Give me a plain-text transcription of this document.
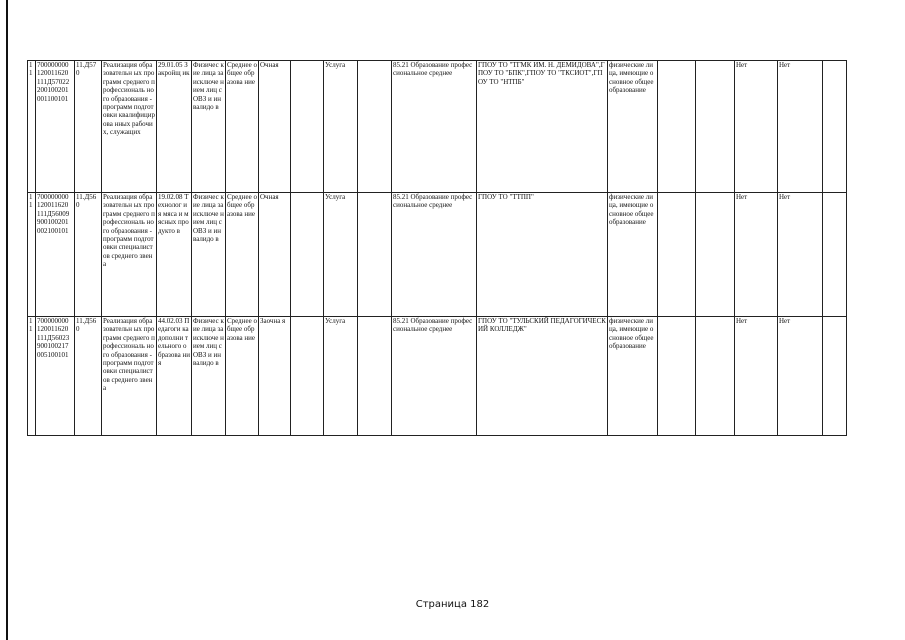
11	700000000 120011620 111Д57022 200100201 001100101	11.Д57 0	Реализация образовательн ых программ среднего профессиональ ного образования - программ подготовки квалифицирова нных рабочих, служащих	29.01.05 Закройщ ик	Физичес кие лица за исключе нием лиц с ОВЗ и инвалидо в	Среднее общее образова ние	Очная		Услуга		85.21 Образование профессиональное среднее	ГПОУ ТО "ТГМК ИМ. Н. ДЕМИДОВА",ГПОУ ТО "БПК",ГПОУ ТО "ТКСИОТ",ГПОУ ТО "НТПБ"	физические лица, имеющие основное общее образование			Нет	Нет	
11	700000000 120011620 111Д56009 900100201 002100101	11.Д56 0	Реализация образовательн ых программ среднего профессиональ ного образования - программ подготовки специалистов среднего звена	19.02.08 Технолог ия мяса и мясных продукто в	Физичес кие лица за исключе нием лиц с ОВЗ и инвалидо в	Среднее общее образова ние	Очная		Услуга		85.21 Образование профессиональное среднее	ГПОУ ТО "ТТПП"	физические лица, имеющие основное общее образование			Нет	Нет	
11	700000000 120011620 111Д56023 900100217 005100101	11.Д56 0	Реализация образовательн ых программ среднего профессиональ ного образования - программ подготовки специалистов среднего звена	44.02.03 Педагоги ка дополни тельного образова ния	Физичес кие лица за исключе нием лиц с ОВЗ и инвалидо в	Среднее общее образова ние	Заочна я		Услуга		85.21 Образование профессиональное среднее	ГПОУ ТО "ТУЛЬСКИЙ ПЕДАГОГИЧЕСКИЙ КОЛЛЕДЖ"	физические лица, имеющие основное общее образование			Нет	Нет	
Страница 182
